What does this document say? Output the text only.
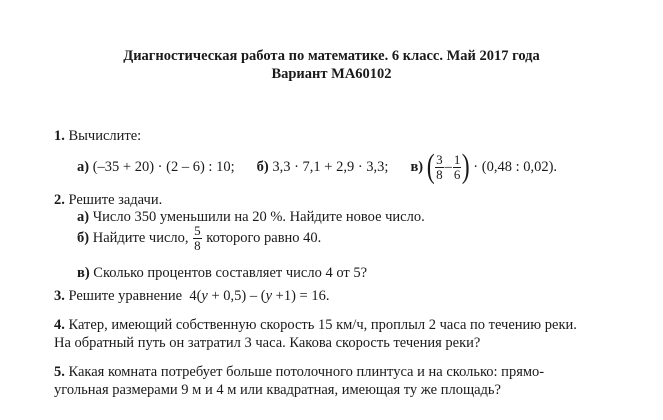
Диагностическая работа по математике. 6 класс. Май 2017 года
Вариант МА60102
1. Вычислите:
а)
(–35 + 20) · (2 – 6) : 10; б)
3,3 · 7,1 + 2,9 · 3,3; в)
( $\frac{3}{8} - \frac{1}{6}$ )
· (0,48 : 0,02).
2. Решите задачи.
а) Число 350 уменьшили на 20 %. Найдите новое число.
б)
Найдите число,
$\frac{5}{8}$
которого равно 40.
в) Сколько процентов составляет число 4 от 5?
3. Решите уравнение 4(y + 0,5) – (y +1) = 16.
4. Катер, имеющий собственную скорость 15 км/ч, проплыл 2 часа по течению реки.
На обратный путь он затратил 3 часа. Какова скорость течения реки?
5. Какая комната потребует больше потолочного плинтуса и на сколько: прямо-
угольная размерами 9 м и 4 м или квадратная, имеющая ту же площадь?
